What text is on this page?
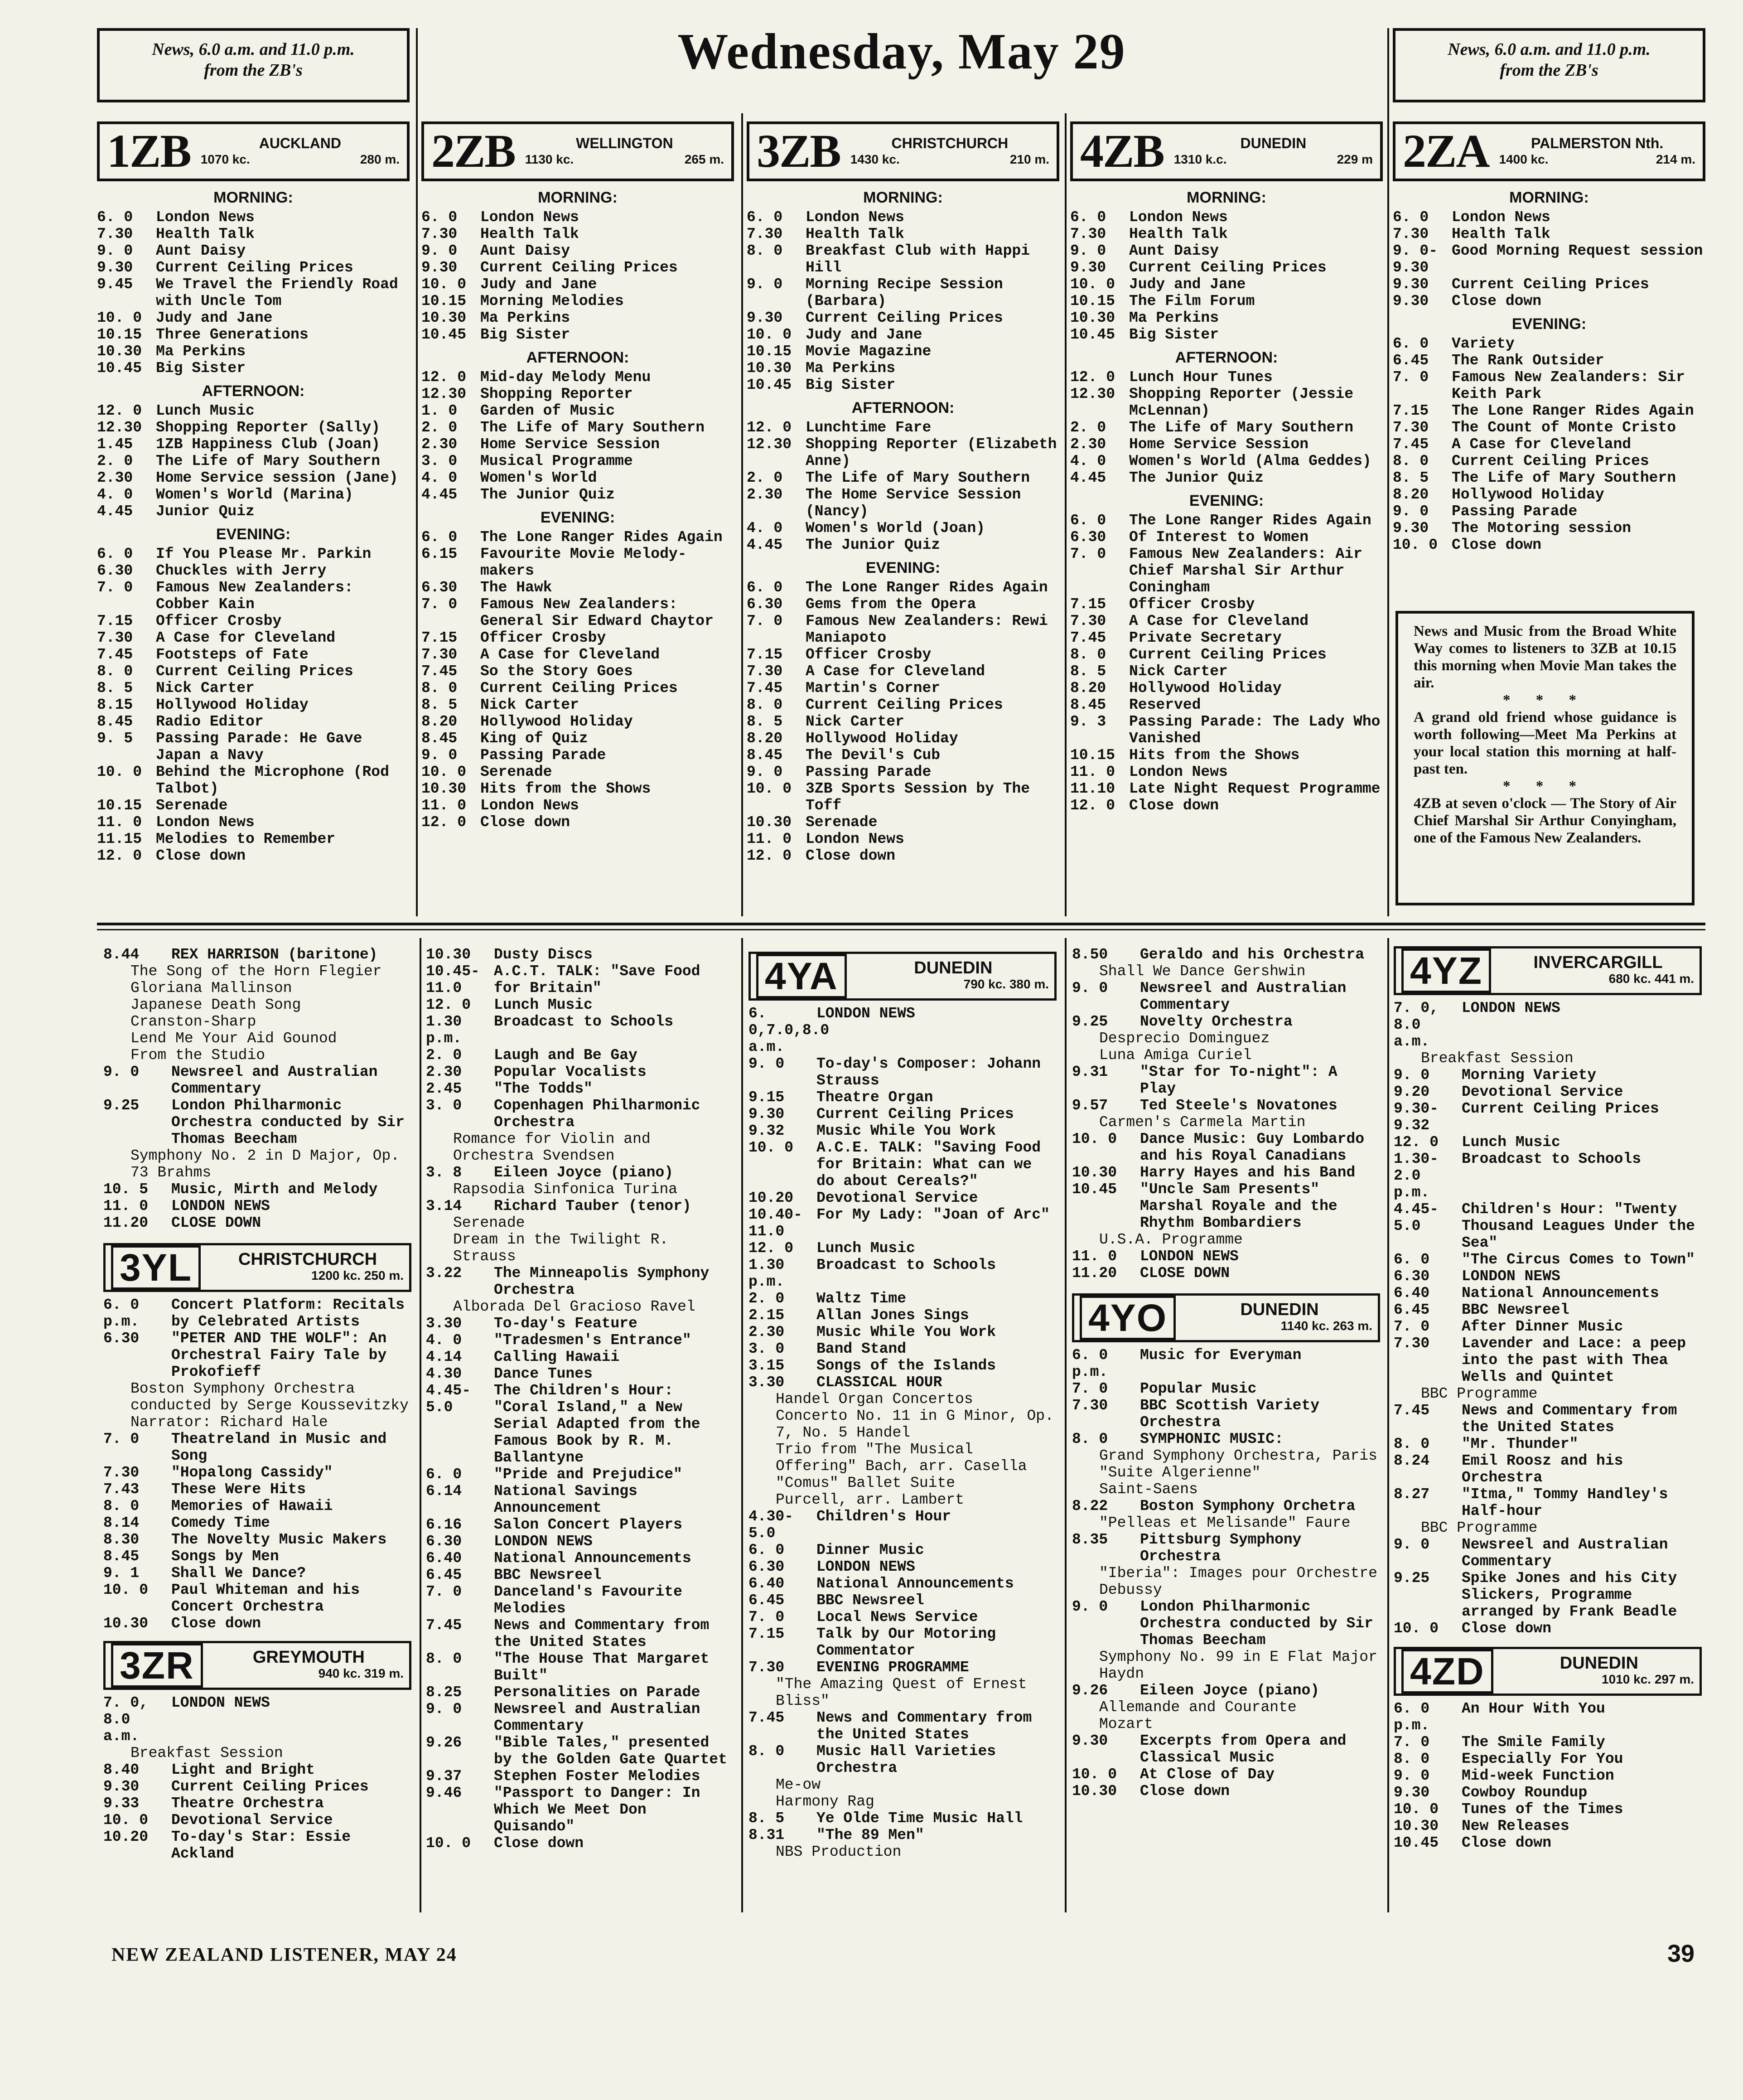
News, 6.0 a.m. and 11.0 p.m.
from the ZB's	Wednesday, May 29	News, 6.0 a.m. and 11.0 p.m.
from the ZB's
1ZB	AUCKLAND
1070 kc.	280 m.
MORNING:
6. 0	London News
7.30	Health Talk
9. 0	Aunt Daisy
9.30	Current Ceiling Prices
9.45	We Travel the Friendly Road with Uncle Tom
10. 0 Judy and Jane
10.15 Three Generations
10.30 Ma Perkins
10.45 Big Sister
AFTERNOON:
12. 0 Lunch Music
12.30 Shopping Reporter (Sally)
1.45	1ZB Happiness Club (Joan)
2. 0	The Life of Mary Southern
2.30	Home Service session (Jane)
4. 0	Women's World (Marina)
4.45	Junior Quiz
EVENING:
6. 0	If You Please Mr. Parkin
6.30	Chuckles with Jerry
7. 0	Famous New Zealanders: Cobber Kain
7.15	Officer Crosby
7.30	A Case for Cleveland
7.45	Footsteps of Fate
8. 0	Current Ceiling Prices
8. 5	Nick Carter
8.15	Hollywood Holiday
8.45	Radio Editor
9. 5	Passing Parade: He Gave Japan a Navy
10. 0 Behind the Microphone (Rod Talbot)
10.15 Serenade
11. 0 London News
11.15 Melodies to Remember
12. 0 Close down
2ZB	WELLINGTON
1130 kc.	265 m.
MORNING:
6. 0	London News
7.30	Health Talk
9. 0	Aunt Daisy
9.30	Current Ceiling Prices
10. 0 Judy and Jane
10.15 Morning Melodies
10.30 Ma Perkins
10.45 Big Sister
AFTERNOON:
12. 0 Mid-day Melody Menu
12.30 Shopping Reporter
1. 0	Garden of Music
2. 0	The Life of Mary Southern
2.30	Home Service Session
3. 0	Musical Programme
4. 0	Women's World
4.45	The Junior Quiz
EVENING:
6. 0	The Lone Ranger Rides Again
6.15	Favourite Movie Melody-makers
6.30	The Hawk
7. 0	Famous New Zealanders: General Sir Edward Chaytor
7.15	Officer Crosby
7.30	A Case for Cleveland
7.45	So the Story Goes
8. 0	Current Ceiling Prices
8. 5	Nick Carter
8.20	Hollywood Holiday
8.45	King of Quiz
9. 0	Passing Parade
10. 0 Serenade
10.30 Hits from the Shows
11. 0 London News
12. 0 Close down
3ZB	CHRISTCHURCH
1430 kc.	210 m.
MORNING:
6. 0	London News
7.30	Health Talk
8. 0	Breakfast Club with Happi Hill
9. 0	Morning Recipe Session (Barbara)
9.30	Current Ceiling Prices
10. 0 Judy and Jane
10.15 Movie Magazine
10.30 Ma Perkins
10.45 Big Sister
AFTERNOON:
12. 0 Lunchtime Fare
12.30 Shopping Reporter (Elizabeth Anne)
2. 0	The Life of Mary Southern
2.30	The Home Service Session (Nancy)
4. 0	Women's World (Joan)
4.45	The Junior Quiz
EVENING:
6. 0	The Lone Ranger Rides Again
6.30	Gems from the Opera
7. 0	Famous New Zealanders: Rewi Maniapoto
7.15	Officer Crosby
7.30	A Case for Cleveland
7.45	Martin's Corner
8. 0	Current Ceiling Prices
8. 5	Nick Carter
8.20	Hollywood Holiday
8.45	The Devil's Cub
9. 0	Passing Parade
10. 0 3ZB Sports Session by The Toff
10.30 Serenade
11. 0 London News
12. 0 Close down
4ZB	DUNEDIN
1310 k.c.	229 m
MORNING:
6. 0	London News
7.30	Health Talk
9. 0	Aunt Daisy
9.30	Current Ceiling Prices
10. 0 Judy and Jane
10.15 The Film Forum
10.30 Ma Perkins
10.45 Big Sister
AFTERNOON:
12. 0 Lunch Hour Tunes
12.30 Shopping Reporter (Jessie McLennan)
2. 0	The Life of Mary Southern
2.30	Home Service Session
4. 0	Women's World (Alma Geddes)
4.45	The Junior Quiz
EVENING:
6. 0	The Lone Ranger Rides Again
6.30	Of Interest to Women
7. 0	Famous New Zealanders: Air Chief Marshal Sir Arthur Coningham
7.15	Officer Crosby
7.30	A Case for Cleveland
7.45	Private Secretary
8. 0	Current Ceiling Prices
8. 5	Nick Carter
8.20	Hollywood Holiday
8.45	Reserved
9. 3	Passing Parade: The Lady Who Vanished
10.15 Hits from the Shows
11. 0 London News
11.10 Late Night Request Programme
12. 0 Close down
2ZA	PALMERSTON Nth.
1400 kc.	214 m.
MORNING:
6. 0	London News
7.30	Health Talk
9. 0-9.30
Good Morning Request session
9.30	Current Ceiling Prices
9.30	Close down
EVENING:
6. 0	Variety
6.45	The Rank Outsider
7. 0	Famous New Zealanders: Sir Keith Park
7.15	The Lone Ranger Rides Again
7.30	The Count of Monte Cristo
7.45	A Case for Cleveland
8. 0	Current Ceiling Prices
8. 5	The Life of Mary Southern
8.20	Hollywood Holiday
9. 0	Passing Parade
9.30	The Motoring session
10. 0 Close down
News and Music from the Broad White Way comes to listeners to 3ZB at 10.15 this morning when Movie Man takes the air.
* * *
A grand old friend whose guidance is worth following—Meet Ma Perkins at your local station this morning at half-past ten.
* * *
4ZB at seven o'clock — The Story of Air Chief Marshal Sir Arthur Conyingham, one of the Famous New Zealanders.
8.44	REX HARRISON (baritone)
The Song of the Horn Flegier
Gloriana Mallinson
Japanese Death Song
Cranston-Sharp
Lend Me Your Aid Gounod
From the Studio
9. 0	Newsreel and Australian Commentary
9.25	London Philharmonic Orchestra conducted by Sir Thomas Beecham
Symphony No. 2 in D Major, Op. 73 Brahms
10. 5	Music, Mirth and Melody
11. 0	LONDON NEWS
11.20	CLOSE DOWN
3YL	CHRISTCHURCH
1200 kc. 250 m.
6. 0 p.m.
Concert Platform: Recitals by Celebrated Artists
6.30	"PETER AND THE WOLF": An Orchestral Fairy Tale by Prokofieff
Boston Symphony Orchestra conducted by Serge Koussevitzky
Narrator: Richard Hale
7. 0	Theatreland in Music and Song
7.30	"Hopalong Cassidy"
7.43	These Were Hits
8. 0	Memories of Hawaii
8.14	Comedy Time
8.30	The Novelty Music Makers
8.45	Songs by Men
9. 1	Shall We Dance?
10. 0	Paul Whiteman and his Concert Orchestra
10.30	Close down
3ZR	GREYMOUTH
940 kc. 319 m.
7. 0, 8.0 a.m.
LONDON NEWS
Breakfast Session
8.40	Light and Bright
9.30	Current Ceiling Prices
9.33	Theatre Orchestra
10. 0	Devotional Service
10.20	To-day's Star: Essie Ackland
10.30	Dusty Discs
10.45-11.0
A.C.T. TALK: "Save Food for Britain"
12. 0	Lunch Music
1.30 p.m.
Broadcast to Schools
2. 0	Laugh and Be Gay
2.30	Popular Vocalists
2.45	"The Todds"
3. 0	Copenhagen Philharmonic Orchestra
Romance for Violin and Orchestra Svendsen
3. 8	Eileen Joyce (piano)
Rapsodia Sinfonica Turina
3.14	Richard Tauber (tenor)
Serenade
Dream in the Twilight R. Strauss
3.22	The Minneapolis Symphony Orchestra
Alborada Del Gracioso Ravel
3.30	To-day's Feature
4. 0	"Tradesmen's Entrance"
4.14	Calling Hawaii
4.30	Dance Tunes
4.45-5.0
The Children's Hour: "Coral Island," a New Serial Adapted from the Famous Book by R. M. Ballantyne
6. 0	"Pride and Prejudice"
6.14	National Savings Announcement
6.16	Salon Concert Players
6.30	LONDON NEWS
6.40	National Announcements
6.45	BBC Newsreel
7. 0	Danceland's Favourite Melodies
7.45	News and Commentary from the United States
8. 0	"The House That Margaret Built"
8.25	Personalities on Parade
9. 0	Newsreel and Australian Commentary
9.26	"Bible Tales," presented by the Golden Gate Quartet
9.37	Stephen Foster Melodies
9.46	"Passport to Danger: In Which We Meet Don Quisando"
10. 0	Close down
4YA	DUNEDIN
790 kc. 380 m.
6. 0,7.0,8.0 a.m.
LONDON NEWS
9. 0	To-day's Composer: Johann Strauss
9.15	Theatre Organ
9.30	Current Ceiling Prices
9.32	Music While You Work
10. 0	A.C.E. TALK: "Saving Food for Britain: What can we do about Cereals?"
10.20	Devotional Service
10.40-11.0
For My Lady: "Joan of Arc"
12. 0	Lunch Music
1.30 p.m.
Broadcast to Schools
2. 0	Waltz Time
2.15	Allan Jones Sings
2.30	Music While You Work
3. 0	Band Stand
3.15	Songs of the Islands
3.30	CLASSICAL HOUR
Handel Organ Concertos
Concerto No. 11 in G Minor, Op. 7, No. 5 Handel
Trio from "The Musical Offering" Bach, arr. Casella
"Comus" Ballet Suite
Purcell, arr. Lambert
4.30-5.0
Children's Hour
6. 0	Dinner Music
6.30	LONDON NEWS
6.40	National Announcements
6.45	BBC Newsreel
7. 0	Local News Service
7.15	Talk by Our Motoring Commentator
7.30	EVENING PROGRAMME
"The Amazing Quest of Ernest Bliss"
7.45	News and Commentary from the United States
8. 0	Music Hall Varieties Orchestra
Me-ow
Harmony Rag
8. 5	Ye Olde Time Music Hall
8.31	"The 89 Men"
NBS Production
8.50	Geraldo and his Orchestra
Shall We Dance Gershwin
9. 0	Newsreel and Australian Commentary
9.25	Novelty Orchestra
Desprecio Dominguez
Luna Amiga Curiel
9.31	"Star for To-night": A Play
9.57	Ted Steele's Novatones
Carmen's Carmela Martin
10. 0	Dance Music: Guy Lombardo and his Royal Canadians
10.30	Harry Hayes and his Band
10.45	"Uncle Sam Presents" Marshal Royale and the Rhythm Bombardiers
U.S.A. Programme
11. 0	LONDON NEWS
11.20	CLOSE DOWN
4YO	DUNEDIN
1140 kc. 263 m.
6. 0 p.m.
Music for Everyman
7. 0	Popular Music
7.30	BBC Scottish Variety Orchestra
8. 0	SYMPHONIC MUSIC:
Grand Symphony Orchestra, Paris
"Suite Algerienne"
Saint-Saens
8.22	Boston Symphony Orchetra
"Pelleas et Melisande" Faure
8.35	Pittsburg Symphony Orchestra
"Iberia": Images pour Orchestre Debussy
9. 0	London Philharmonic Orchestra conducted by Sir Thomas Beecham
Symphony No. 99 in E Flat Major Haydn
9.26	Eileen Joyce (piano)
Allemande and Courante
Mozart
9.30	Excerpts from Opera and Classical Music
10. 0	At Close of Day
10.30	Close down
4YZ	INVERCARGILL
680 kc. 441 m.
7. 0, 8.0 a.m.
LONDON NEWS
Breakfast Session
9. 0	Morning Variety
9.20	Devotional Service
9.30-9.32
Current Ceiling Prices
12. 0	Lunch Music
1.30-2.0 p.m.
Broadcast to Schools
4.45-5.0
Children's Hour: "Twenty Thousand Leagues Under the Sea"
6. 0	"The Circus Comes to Town"
6.30	LONDON NEWS
6.40	National Announcements
6.45	BBC Newsreel
7. 0	After Dinner Music
7.30	Lavender and Lace: a peep into the past with Thea Wells and Quintet
BBC Programme
7.45	News and Commentary from the United States
8. 0	"Mr. Thunder"
8.24	Emil Roosz and his Orchestra
8.27	"Itma," Tommy Handley's Half-hour
BBC Programme
9. 0	Newsreel and Australian Commentary
9.25	Spike Jones and his City Slickers, Programme arranged by Frank Beadle
10. 0	Close down
4ZD	DUNEDIN
1010 kc. 297 m.
6. 0 p.m.
An Hour With You
7. 0	The Smile Family
8. 0	Especially For You
9. 0	Mid-week Function
9.30	Cowboy Roundup
10. 0	Tunes of the Times
10.30	New Releases
10.45	Close down
NEW ZEALAND LISTENER, MAY 24	39
